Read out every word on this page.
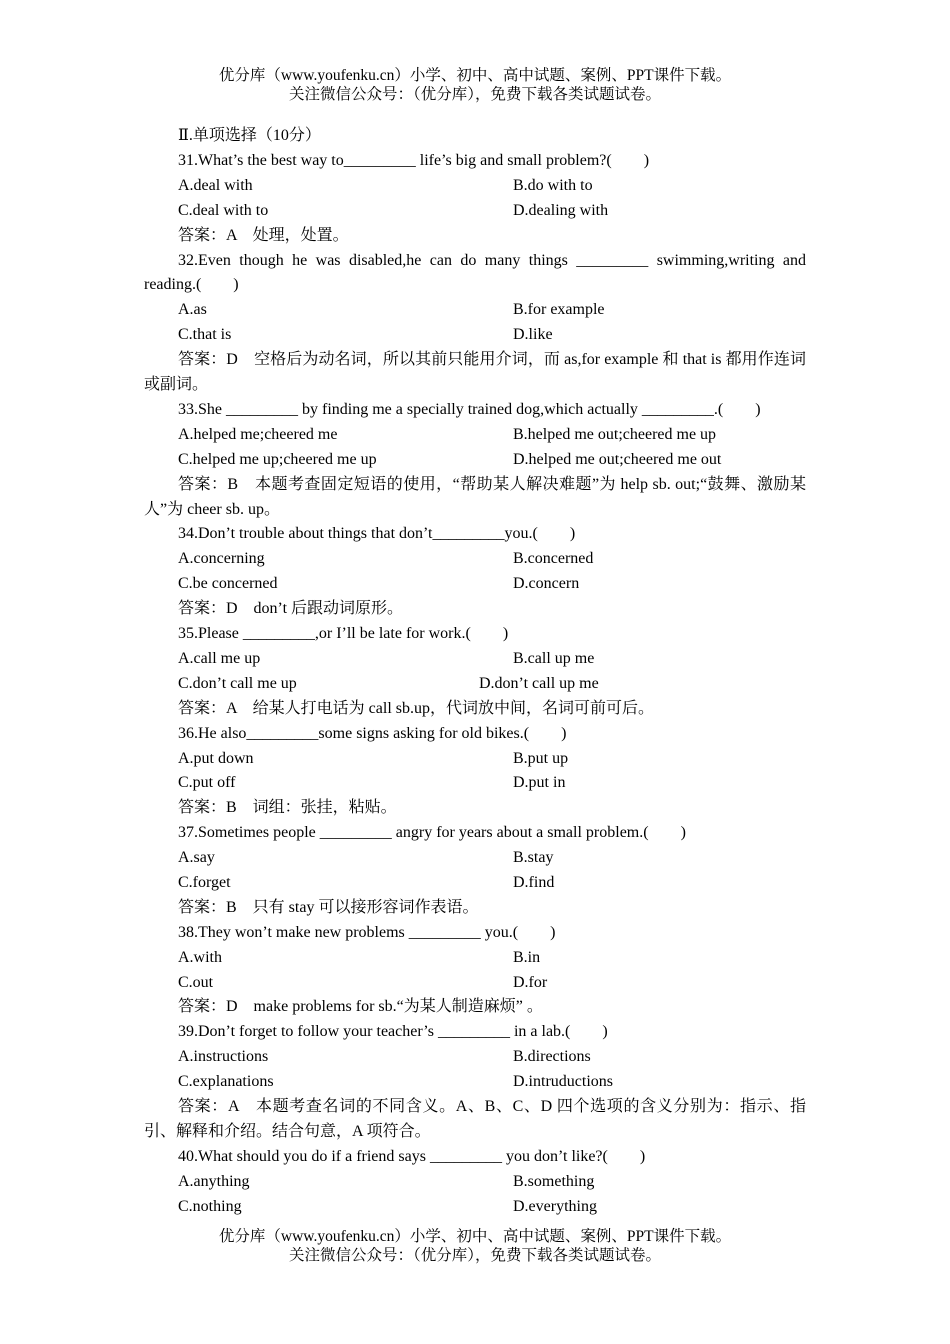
优分库（www.youfenku.cn）小学、初中、高中试题、案例、PPT课件下载。
关注微信公众号：（优分库），免费下载各类试题试卷。
Ⅱ.单项选择（10分）
31.What’s the best way to_________ life’s big and small problem?(　　)
A.deal with	B.do with to
C.deal with to	D.dealing with
答案：A　处理，处置。
32.Even though he was disabled,he can do many things _________ swimming,writing and reading.(　　)
A.as	B.for example
C.that is	D.like
答案：D　空格后为动名词，所以其前只能用介词，而 as,for example 和 that is 都用作连词或副词。
33.She _________ by finding me a specially trained dog,which actually _________.(　　)
A.helped me;cheered me	B.helped me out;cheered me up
C.helped me up;cheered me up	D.helped me out;cheered me out
答案：B　本题考查固定短语的使用，“帮助某人解决难题”为 help sb. out;“鼓舞、激励某人”为 cheer sb. up。
34.Don’t trouble about things that don’t_________you.(　　)
A.concerning	B.concerned
C.be concerned	D.concern
答案：D　don’t 后跟动词原形。
35.Please _________,or I’ll be late for work.(　　)
A.call me up	B.call up me
C.don’t call me up	D.don’t call up me
答案：A　给某人打电话为 call sb.up，代词放中间，名词可前可后。
36.He also_________some signs asking for old bikes.(　　)
A.put down	B.put up
C.put off	D.put in
答案：B　词组：张挂，粘贴。
37.Sometimes people _________ angry for years about a small problem.(　　)
A.say	B.stay
C.forget	D.find
答案：B　只有 stay 可以接形容词作表语。
38.They won’t make new problems _________ you.(　　)
A.with	B.in
C.out	D.for
答案：D　make problems for sb.“为某人制造麻烦” 。
39.Don’t forget to follow your teacher’s _________ in a lab.(　　)
A.instructions	B.directions
C.explanations	D.intruductions
答案：A　本题考查名词的不同含义。A、B、C、D 四个选项的含义分别为：指示、指引、解释和介绍。结合句意，A 项符合。
40.What should you do if a friend says _________ you don’t like?(　　)
A.anything	B.something
C.nothing	D.everything
优分库（www.youfenku.cn）小学、初中、高中试题、案例、PPT课件下载。
关注微信公众号：（优分库），免费下载各类试题试卷。
